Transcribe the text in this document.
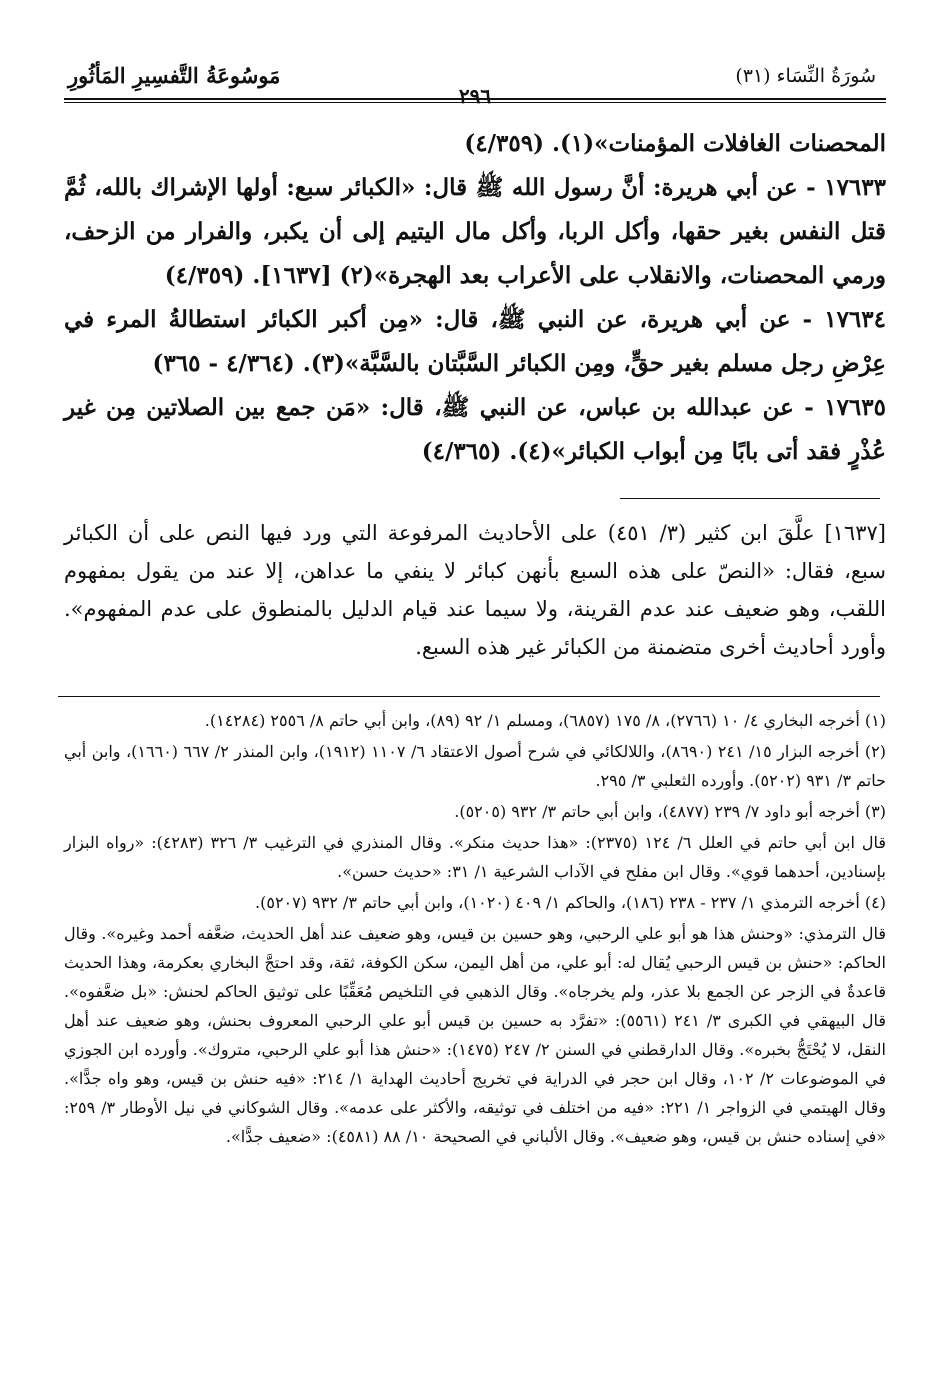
سُورَةُ النِّسَاء (٣١)
٢٩٦
مَوسُوعَةُ التَّفسِيرِ المَأثُورِ

المحصنات الغافلات المؤمنات»(١). (٤/٣٥٩)

١٧٦٣٣ - عن أبي هريرة: أنَّ رسول الله ﷺ قال: «الكبائر سبع: أولها الإشراك بالله، ثُمَّ قتل النفس بغير حقها، وأكل الربا، وأكل مال اليتيم إلى أن يكبر، والفرار من الزحف، ورمي المحصنات، والانقلاب على الأعراب بعد الهجرة»(٢) [١٦٣٧]. (٤/٣٥٩)

١٧٦٣٤ - عن أبي هريرة، عن النبي ﷺ، قال: «مِن أكبر الكبائر استطالةُ المرء في عِرْضِ رجل مسلم بغير حقٍّ، ومِن الكبائر السَّبَّتان بالسَّبَّة»(٣). (٤/٣٦٤ - ٣٦٥)

١٧٦٣٥ - عن عبدالله بن عباس، عن النبي ﷺ، قال: «مَن جمع بين الصلاتين مِن غير عُذْرٍ فقد أتى بابًا مِن أبواب الكبائر»(٤). (٤/٣٦٥)

[١٦٣٧] علَّقَ ابن كثير (٣/ ٤٥١) على الأحاديث المرفوعة التي ورد فيها النص على أن الكبائر سبع، فقال: «النصّ على هذه السبع بأنهن كبائر لا ينفي ما عداهن، إلا عند من يقول بمفهوم اللقب، وهو ضعيف عند عدم القرينة، ولا سيما عند قيام الدليل بالمنطوق على عدم المفهوم». وأورد أحاديث أخرى متضمنة من الكبائر غير هذه السبع.

(١) أخرجه البخاري ٤/ ١٠ (٢٧٦٦)، ٨/ ١٧٥ (٦٨٥٧)، ومسلم ١/ ٩٢ (٨٩)، وابن أبي حاتم ٨/ ٢٥٥٦ (١٤٢٨٤).

(٢) أخرجه البزار ١٥/ ٢٤١ (٨٦٩٠)، واللالكائي في شرح أصول الاعتقاد ٦/ ١١٠٧ (١٩١٢)، وابن المنذر ٢/ ٦٦٧ (١٦٦٠)، وابن أبي حاتم ٣/ ٩٣١ (٥٢٠٢). وأورده الثعلبي ٣/ ٢٩٥.

(٣) أخرجه أبو داود ٧/ ٢٣٩ (٤٨٧٧)، وابن أبي حاتم ٣/ ٩٣٢ (٥٢٠٥).

قال ابن أبي حاتم في العلل ٦/ ١٢٤ (٢٣٧٥): «هذا حديث منكر». وقال المنذري في الترغيب ٣/ ٣٢٦ (٤٢٨٣): «رواه البزار بإسنادين، أحدهما قوي». وقال ابن مفلح في الآداب الشرعية ١/ ٣١: «حديث حسن».

(٤) أخرجه الترمذي ١/ ٢٣٧ - ٢٣٨ (١٨٦)، والحاكم ١/ ٤٠٩ (١٠٢٠)، وابن أبي حاتم ٣/ ٩٣٢ (٥٢٠٧).

قال الترمذي: «وحنش هذا هو أبو علي الرحبي، وهو حسين بن قيس، وهو ضعيف عند أهل الحديث، ضعَّفه أحمد وغيره». وقال الحاكم: «حنش بن قيس الرحبي يُقال له: أبو علي، من أهل اليمن، سكن الكوفة، ثقة، وقد احتجَّ البخاري بعكرمة، وهذا الحديث قاعدةٌ في الزجر عن الجمع بلا عذر، ولم يخرجاه». وقال الذهبي في التلخيص مُعَقِّبًا على توثيق الحاكم لحنش: «بل ضعَّفوه». قال البيهقي في الكبرى ٣/ ٢٤١ (٥٥٦١): «تفرَّد به حسين بن قيس أبو علي الرحبي المعروف بحنش، وهو ضعيف عند أهل النقل، لا يُحْتَجُّ بخبره». وقال الدارقطني في السنن ٢/ ٢٤٧ (١٤٧٥): «حنش هذا أبو علي الرحبي، متروك». وأورده ابن الجوزي في الموضوعات ٢/ ١٠٢، وقال ابن حجر في الدراية في تخريج أحاديث الهداية ١/ ٢١٤: «فيه حنش بن قيس، وهو واه جدًّا». وقال الهيتمي في الزواجر ١/ ٢٢١: «فيه من اختلف في توثيقه، والأكثر على عدمه». وقال الشوكاني في نيل الأوطار ٣/ ٢٥٩: «في إسناده حنش بن قيس، وهو ضعيف». وقال الألباني في الصحيحة ١٠/ ٨٨ (٤٥٨١): «ضعيف جدًّا».
